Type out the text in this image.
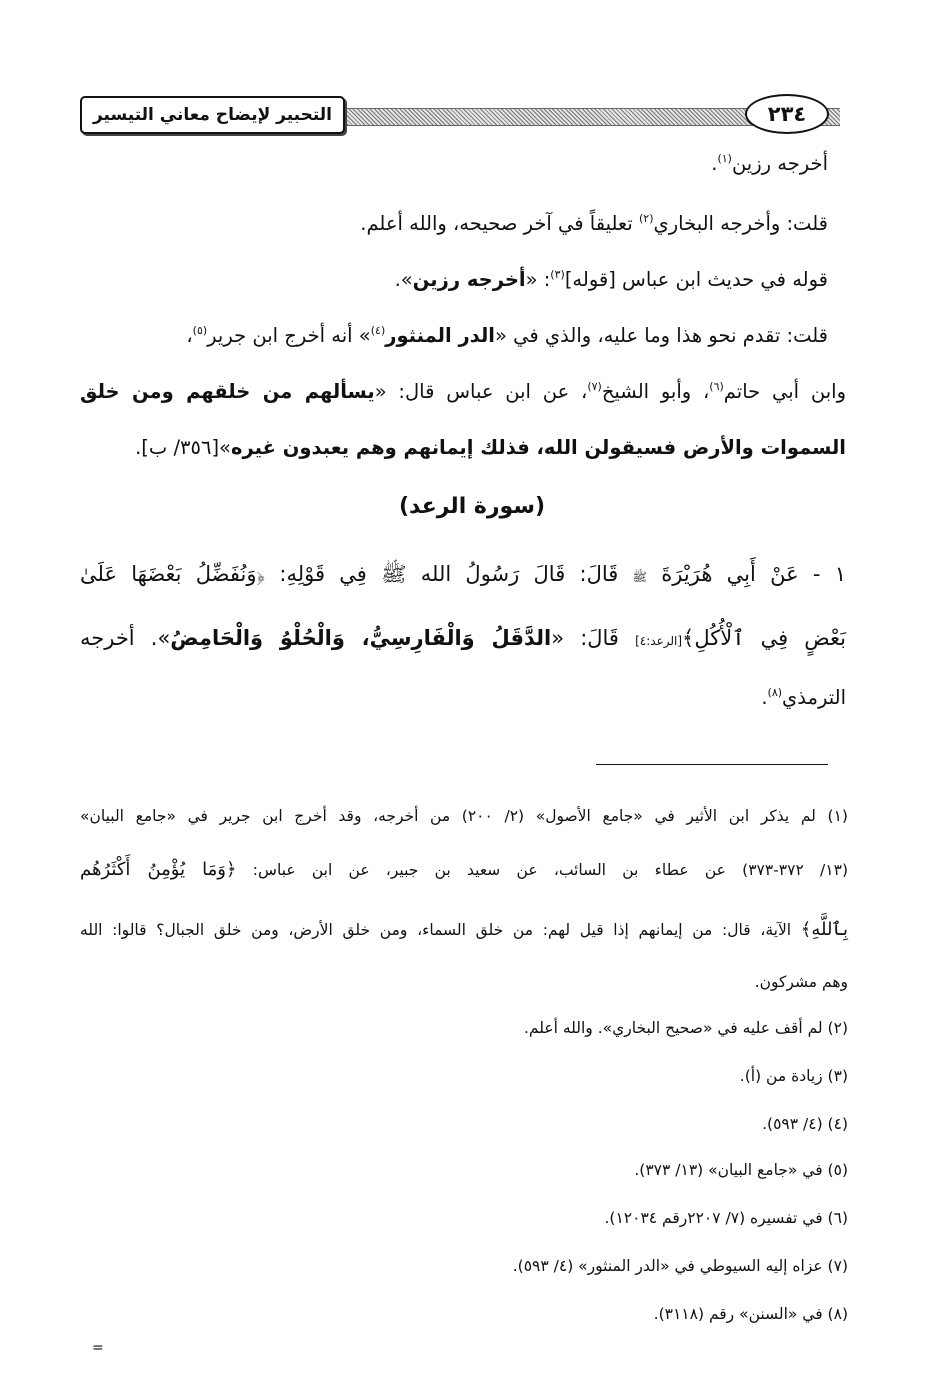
التحبير لإيضاح معاني التيسير	٢٣٤
أخرجه رزين$^{(١)}$.
قلت: وأخرجه البخاري$^{(٢)}$ تعليقاً في آخر صحيحه، والله أعلم.
قوله في حديث ابن عباس [قوله]$^{(٣)}$: «أخرجه رزين».
قلت: تقدم نحو هذا وما عليه، والذي في «الدر المنثور$^{(٤)}$» أنه أخرج ابن جرير$^{(٥)}$،
وابن أبي حاتم$^{(٦)}$، وأبو الشيخ$^{(٧)}$، عن ابن عباس قال: «يسألهم من خلقهم ومن خلق
السموات والأرض فسيقولن الله، فذلك إيمانهم وهم يعبدون غيره»[٣٥٦/ ب].
(سورة الرعد)
١ - عَنْ أَبِي هُرَيْرَةَ ﷺ قَالَ: قَالَ رَسُولُ الله ﷺ فِي قَوْلِهِ: ﴿وَنُفَضِّلُ بَعْضَهَا عَلَىٰ
بَعْضٍ فِي ٱلْأُكُلِ﴾[الرعد:٤] قَالَ: «الدَّقَلُ وَالْفَارِسِيُّ، وَالْحُلْوُ وَالْحَامِضُ». أخرجه
الترمذي$^{(٨)}$.
(١) لم يذكر ابن الأثير في «جامع الأصول» (٢/ ٢٠٠) من أخرجه، وقد أخرج ابن جرير في «جامع البيان»
(١٣/ ٣٧٢-٣٧٣) عن عطاء بن السائب، عن سعيد بن جبير، عن ابن عباس: ﴿وَمَا يُؤْمِنُ أَكْثَرُهُم
بِٱللَّهِ﴾ الآية، قال: من إيمانهم إذا قيل لهم: من خلق السماء، ومن خلق الأرض، ومن خلق الجبال؟ قالوا: الله
وهم مشركون.
(٢) لم أقف عليه في «صحيح البخاري». والله أعلم.
(٣) زيادة من (أ).
(٤) (٤/ ٥٩٣).
(٥) في «جامع البيان» (١٣/ ٣٧٣).
(٦) في تفسيره (٧/ ٢٢٠٧رقم ١٢٠٣٤).
(٧) عزاه إليه السيوطي في «الدر المنثور» (٤/ ٥٩٣).
(٨) في «السنن» رقم (٣١١٨).
=
